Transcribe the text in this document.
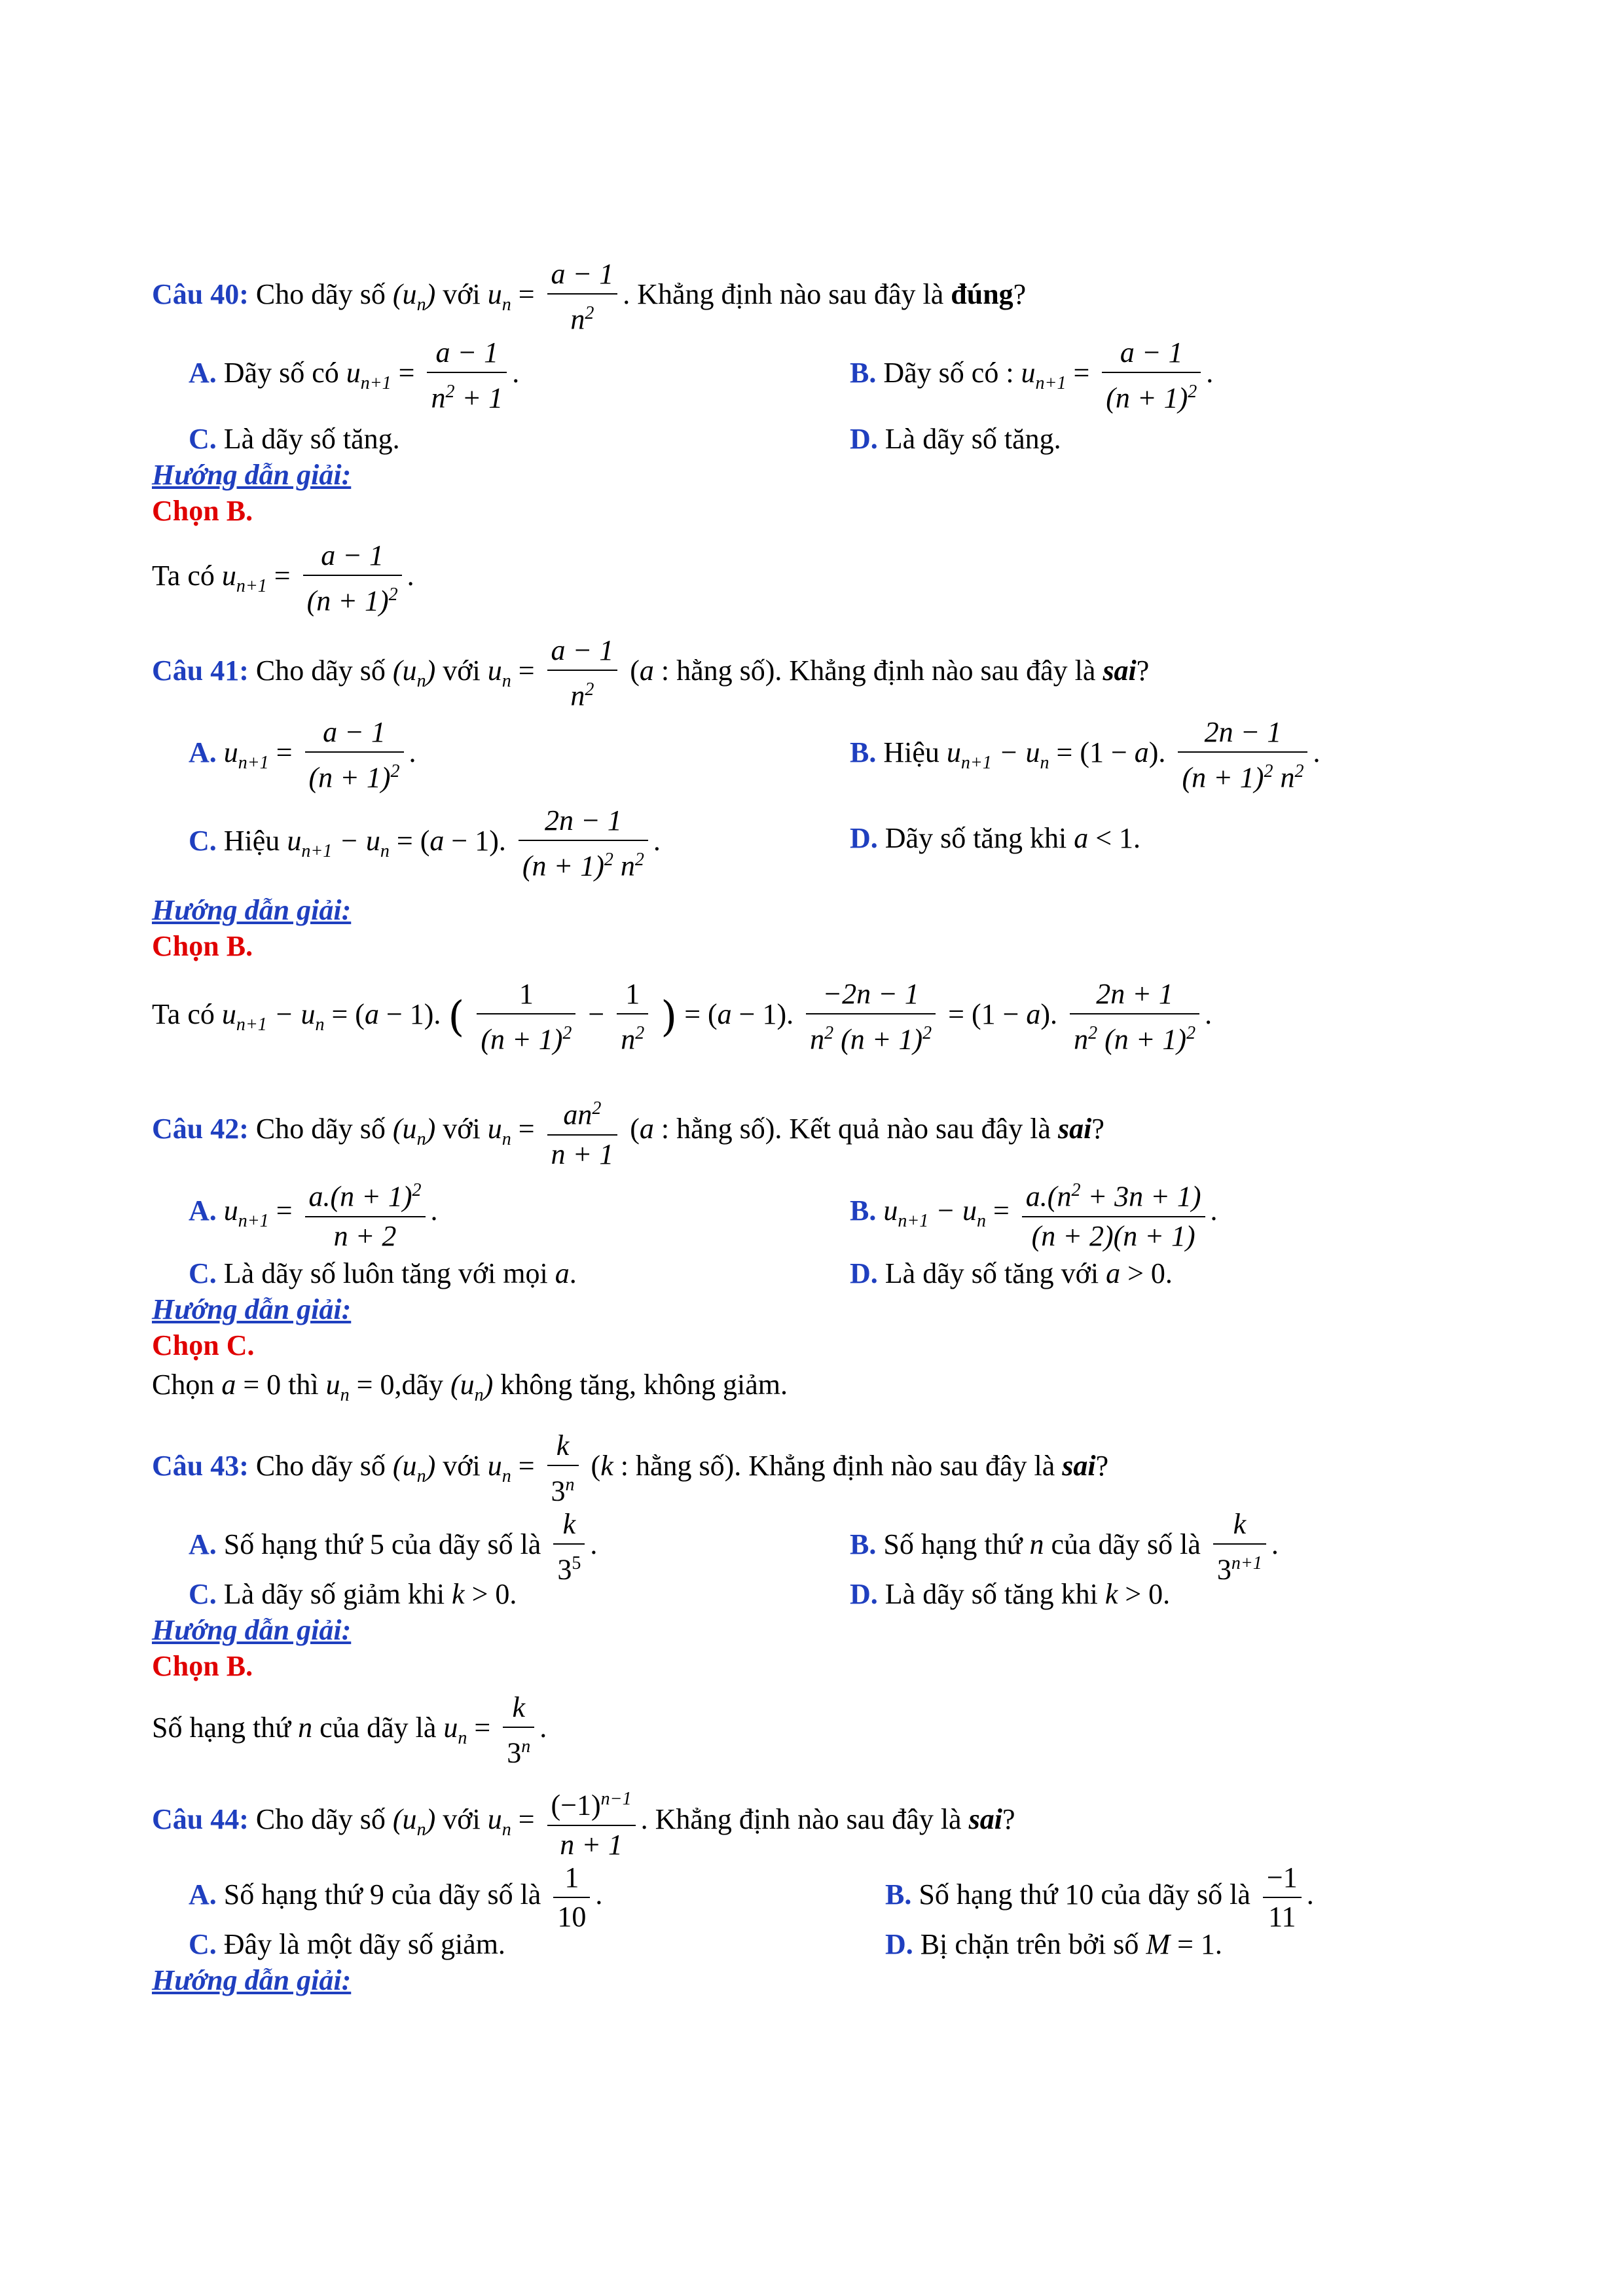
Câu 40: Cho dãy số $(u_n)$ với $u_n = \frac{a - 1}{n^2}$ . Khẳng định nào sau đây là đúng?
A. Dãy số có $u_{n+1} = \frac{a - 1}{n^2 + 1}$ .	B. Dãy số có : $u_{n+1} = \frac{a - 1}{(n + 1)^2}$ .
C. Là dãy số tăng.	D. Là dãy số tăng.
Hướng dẫn giải:
Chọn B.
Ta có $u_{n+1} = \frac{a - 1}{(n + 1)^2}$ .
Câu 41: Cho dãy số $(u_n)$ với $u_n = \frac{a - 1}{n^2} (a$ : hằng số). Khẳng định nào sau đây là sai?
A. $u_{n+1} = \frac{a - 1}{(n + 1)^2}$ .	B. Hiệu $u_{n+1} - u_n = (1 - a)$. $\frac{2n - 1}{(n + 1)^2 n^2}$ .
C. Hiệu $u_{n+1} - u_n = (a - 1)$. $\frac{2n - 1}{(n + 1)^2 n^2}$ .	D. Dãy số tăng khi a < 1.
Hướng dẫn giải:
Chọn B.
Ta có $u_{n+1} - u_n = (a - 1)$. ( $\frac{1}{(n + 1)^2} - \frac{1}{n^2}$ ) = (a − 1). $\frac{-2n - 1}{n^2 (n + 1)^2} = (1 - a)$. $\frac{2n + 1}{n^2 (n + 1)^2}$ .
Câu 42: Cho dãy số $(u_n)$ với $u_n = \frac{an^2}{n + 1} (a$ : hằng số). Kết quả nào sau đây là sai?
A. $u_{n+1} = \frac{a.(n + 1)^2}{n + 2}$ .	B. $u_{n+1} - u_n = \frac{a.(n^2 + 3n + 1)}{(n + 2)(n + 1)}$ .
C. Là dãy số luôn tăng với mọi a.	D. Là dãy số tăng với a > 0.
Hướng dẫn giải:
Chọn C.
Chọn a = 0 thì $u_n$ = 0,dãy $(u_n)$ không tăng, không giảm.
Câu 43: Cho dãy số $(u_n)$ với $u_n = \frac{k}{3^n} (k$ : hằng số). Khẳng định nào sau đây là sai?
A. Số hạng thứ 5 của dãy số là $\frac{k}{3^5}$ .	B. Số hạng thứ n của dãy số là $\frac{k}{3^{n+1}}$ .
C. Là dãy số giảm khi k > 0.	D. Là dãy số tăng khi k > 0.
Hướng dẫn giải:
Chọn B.
Số hạng thứ n của dãy là $u_n = \frac{k}{3^n}$ .
Câu 44: Cho dãy số $(u_n)$ với $u_n = \frac{(-1)^{n-1}}{n + 1}$ . Khẳng định nào sau đây là sai?
A. Số hạng thứ 9 của dãy số là $\frac{1}{10}$ .	B. Số hạng thứ 10 của dãy số là $\frac{-1}{11}$ .
C. Đây là một dãy số giảm.	D. Bị chặn trên bởi số M = 1.
Hướng dẫn giải:
